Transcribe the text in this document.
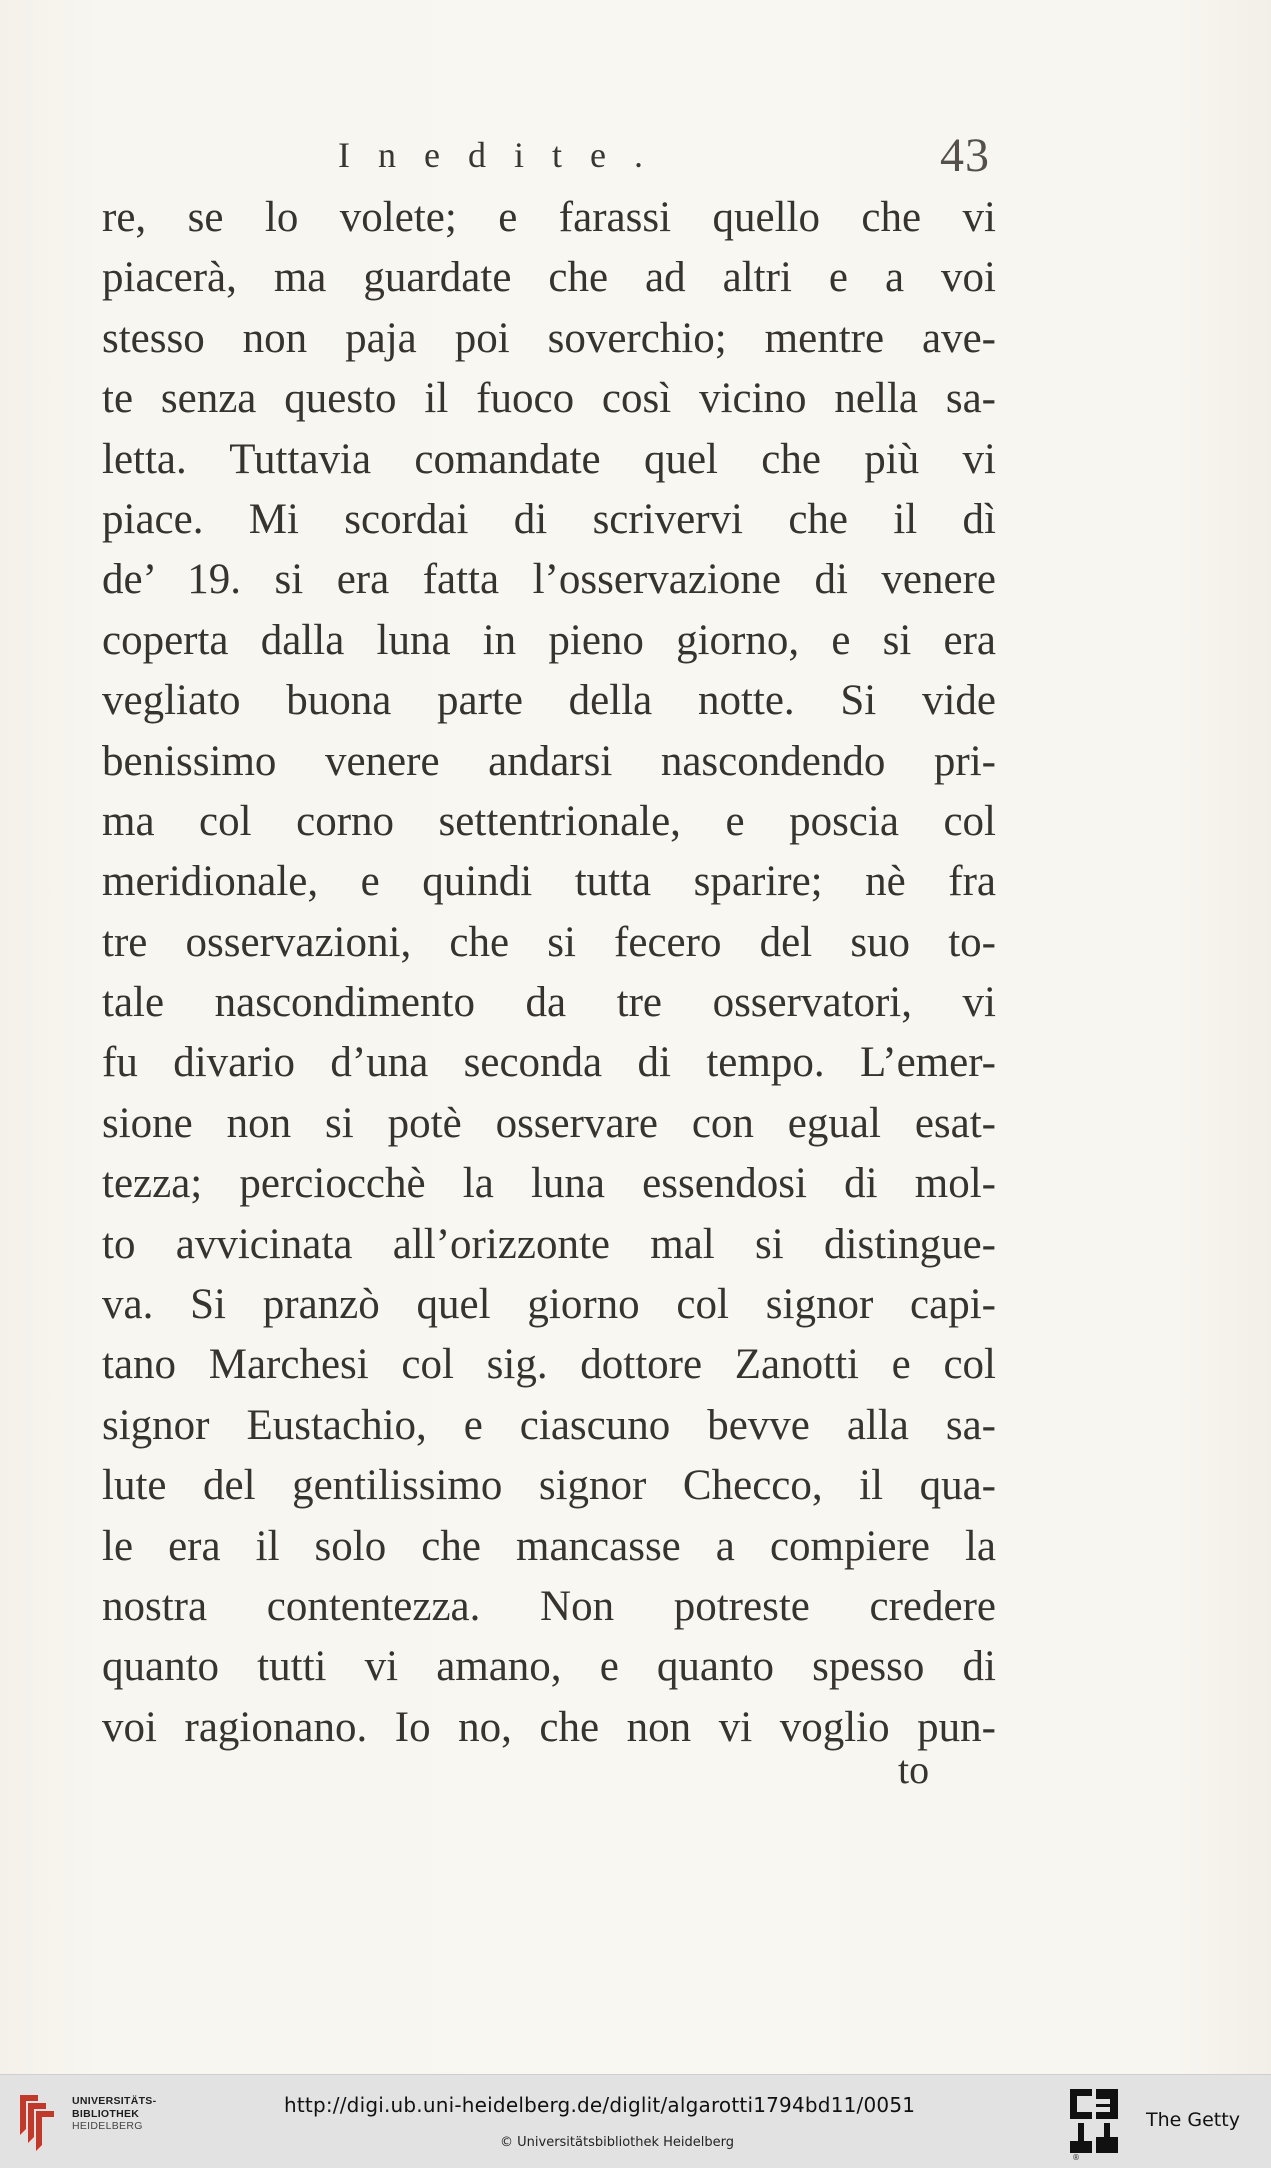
Inedite.	43
re, se lo volete; e farassi quello che vi
piacerà, ma guardate che ad altri e a voi
stesso non paja poi soverchio; mentre ave-
te senza questo il fuoco così vicino nella sa-
letta. Tuttavia comandate quel che più vi
piace. Mi scordai di scrivervi che il dì
de’ 19. si era fatta l’osservazione di venere
coperta dalla luna in pieno giorno, e si era
vegliato buona parte della notte. Si vide
benissimo venere andarsi nascondendo pri-
ma col corno settentrionale, e poscia col
meridionale, e quindi tutta sparire; nè fra
tre osservazioni, che si fecero del suo to-
tale nascondimento da tre osservatori, vi
fu divario d’una seconda di tempo. L’emer-
sione non si potè osservare con egual esat-
tezza; perciocchè la luna essendosi di mol-
to avvicinata all’orizzonte mal si distingue-
va. Si pranzò quel giorno col signor capi-
tano Marchesi col sig. dottore Zanotti e col
signor Eustachio, e ciascuno bevve alla sa-
lute del gentilissimo signor Checco, il qua-
le era il solo che mancasse a compiere la
nostra contentezza. Non potreste credere
quanto tutti vi amano, e quanto spesso di
voi ragionano. Io no, che non vi voglio pun-
to
UNIVERSITÄTS-
BIBLIOTHEK
HEIDELBERG
http://digi.ub.uni-heidelberg.de/diglit/algarotti1794bd11/0051
© Universitätsbibliothek Heidelberg
®
The Getty
